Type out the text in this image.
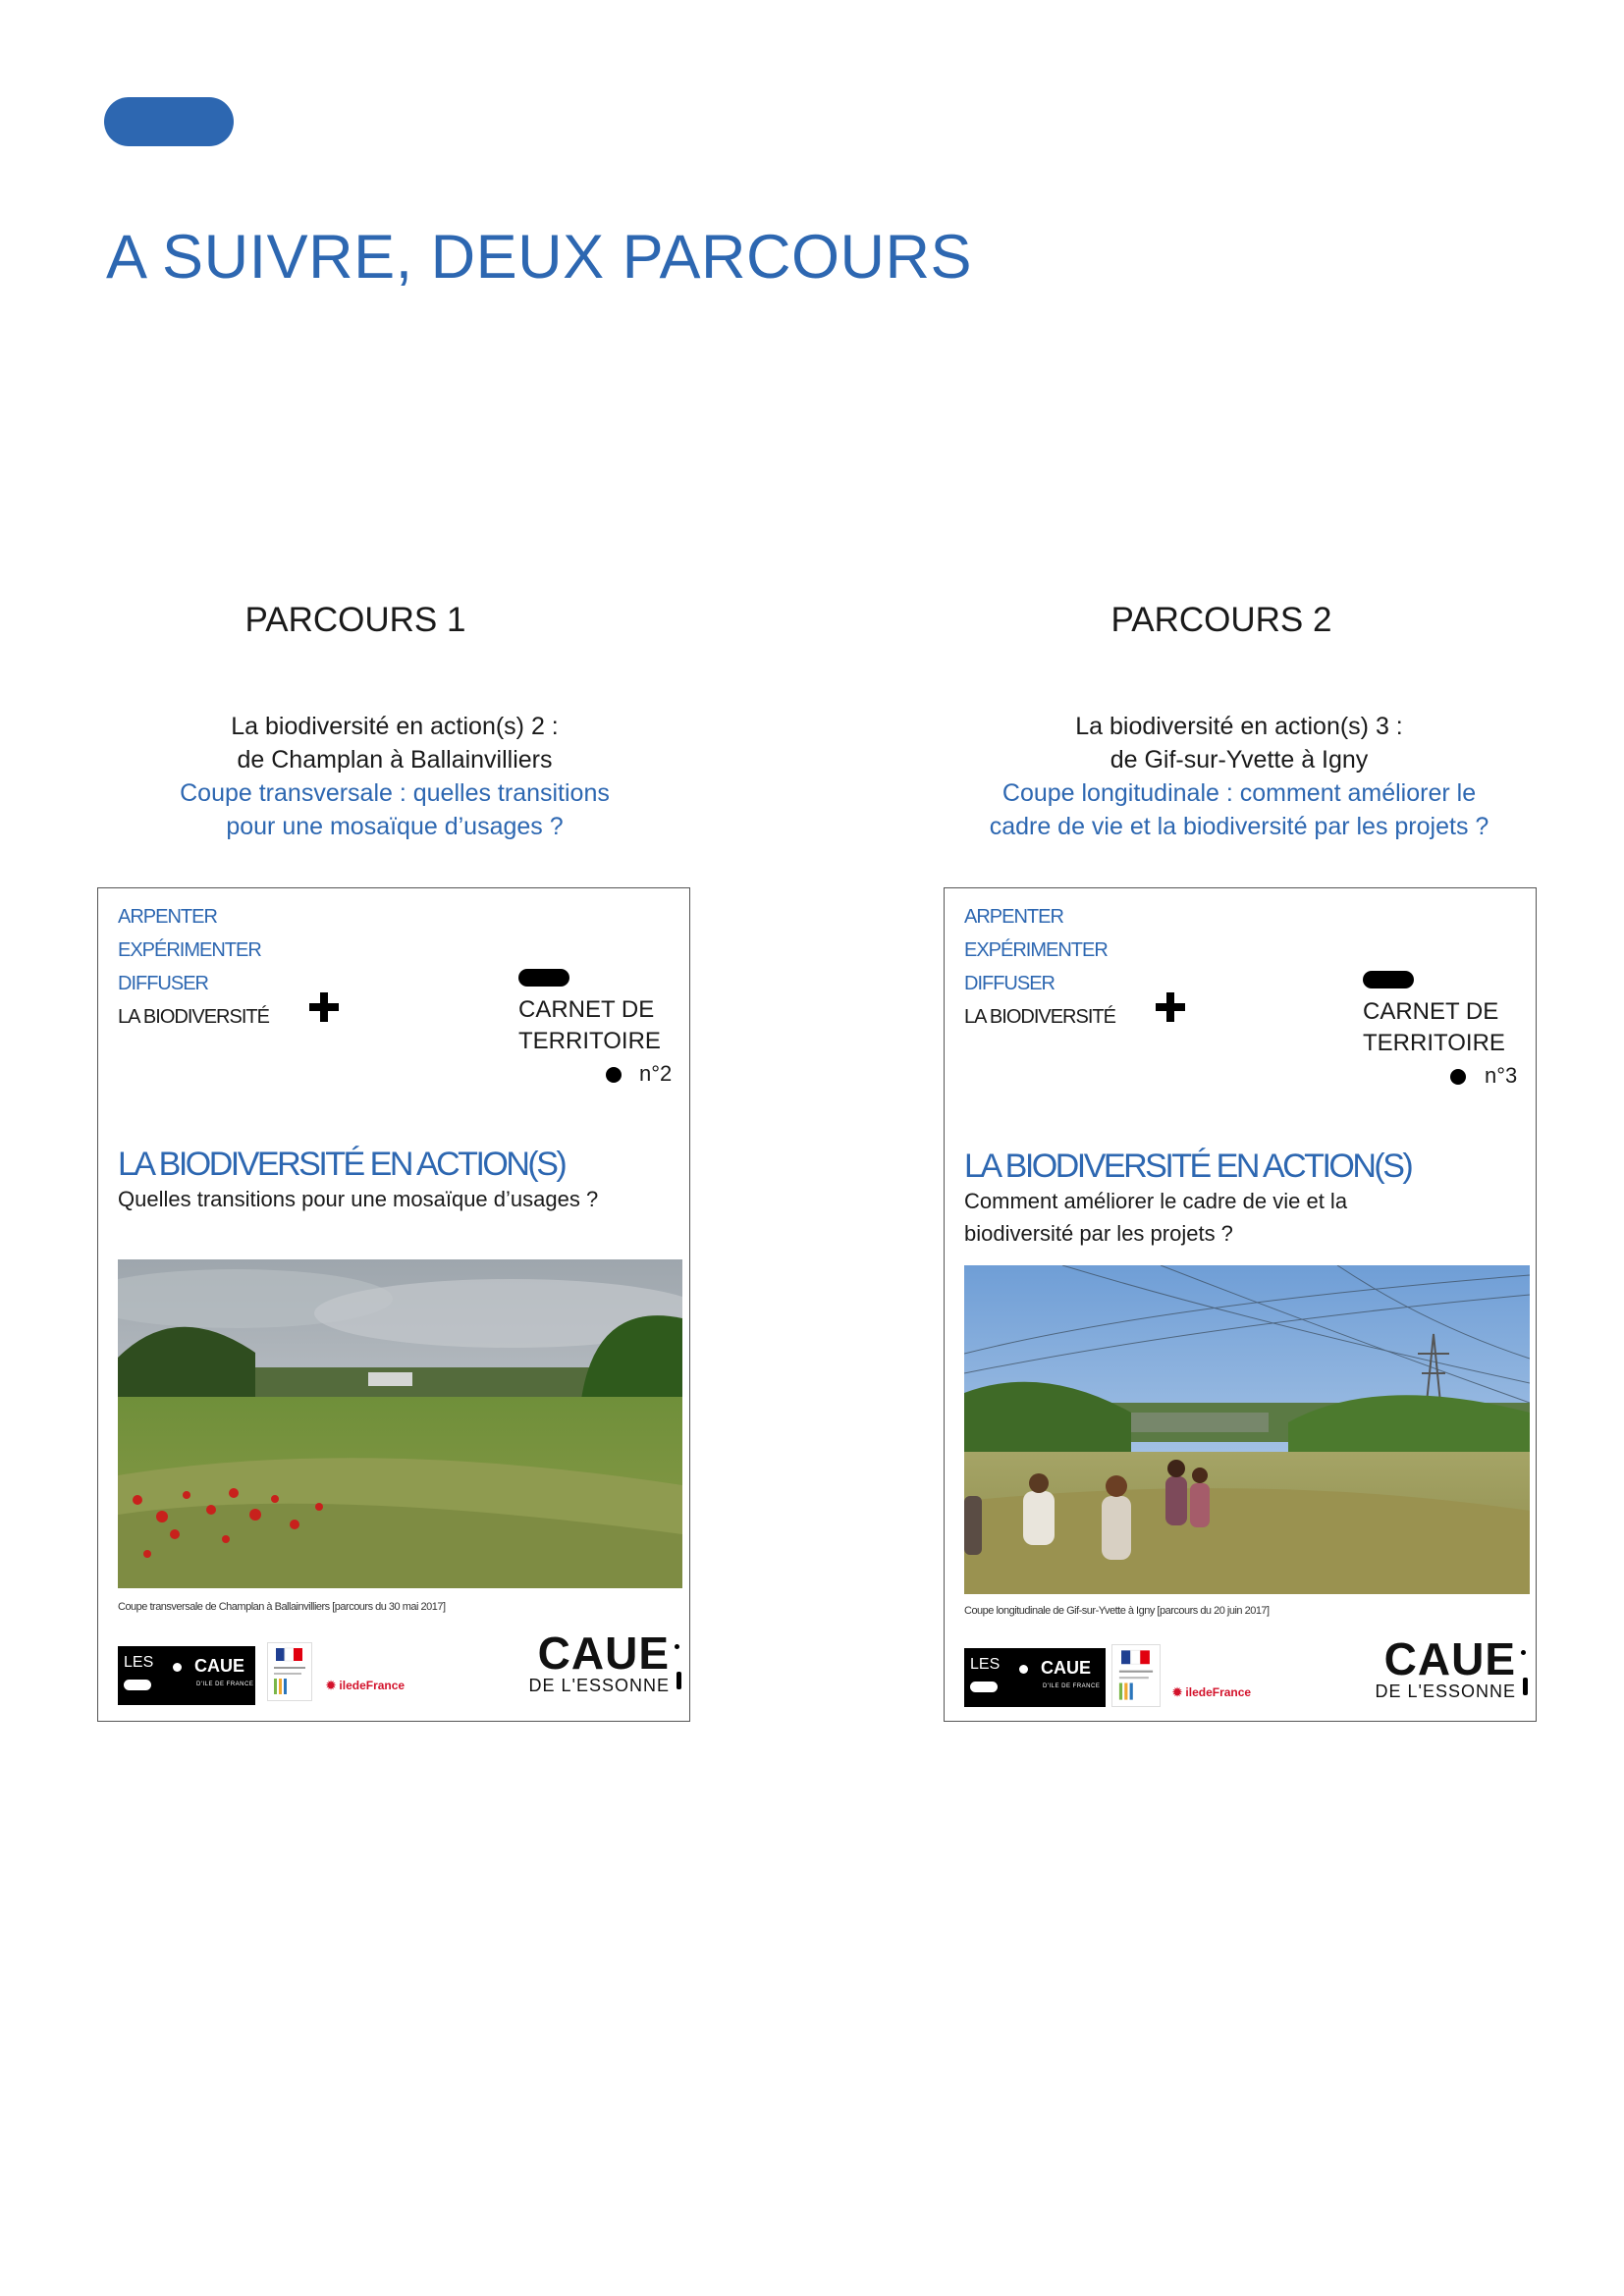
A SUIVRE, DEUX PARCOURS
PARCOURS 1
La biodiversité en action(s) 2 :
de Champlan à Ballainvilliers
Coupe transversale : quelles transitions
pour une mosaïque d’usages ?
PARCOURS 2
La biodiversité en action(s) 3 :
de Gif-sur-Yvette à Igny
Coupe longitudinale : comment améliorer le
cadre de vie et la biodiversité par les projets ?
ARPENTER
EXPÉRIMENTER
DIFFUSER
LA BIODIVERSITÉ	CARNET DE
TERRITOIRE
n°2
LA BIODIVERSITÉ EN ACTION(S)
Quelles transitions pour une mosaïque d’usages ?
Coupe transversale de Champlan à Ballainvilliers [parcours du 30 mai 2017]
LES CAUE
D'ILE DE FRANCE	✹ iledeFrance
CAUE
DE L'ESSONNE
ARPENTER
EXPÉRIMENTER
DIFFUSER
LA BIODIVERSITÉ	CARNET DE
TERRITOIRE
n°3
LA BIODIVERSITÉ EN ACTION(S)
Comment améliorer le cadre de vie et la
biodiversité par les projets ?
Coupe longitudinale de Gif-sur-Yvette à Igny [parcours du 20 juin 2017]
LES CAUE
D'ILE DE FRANCE	✹ iledeFrance
CAUE
DE L'ESSONNE
